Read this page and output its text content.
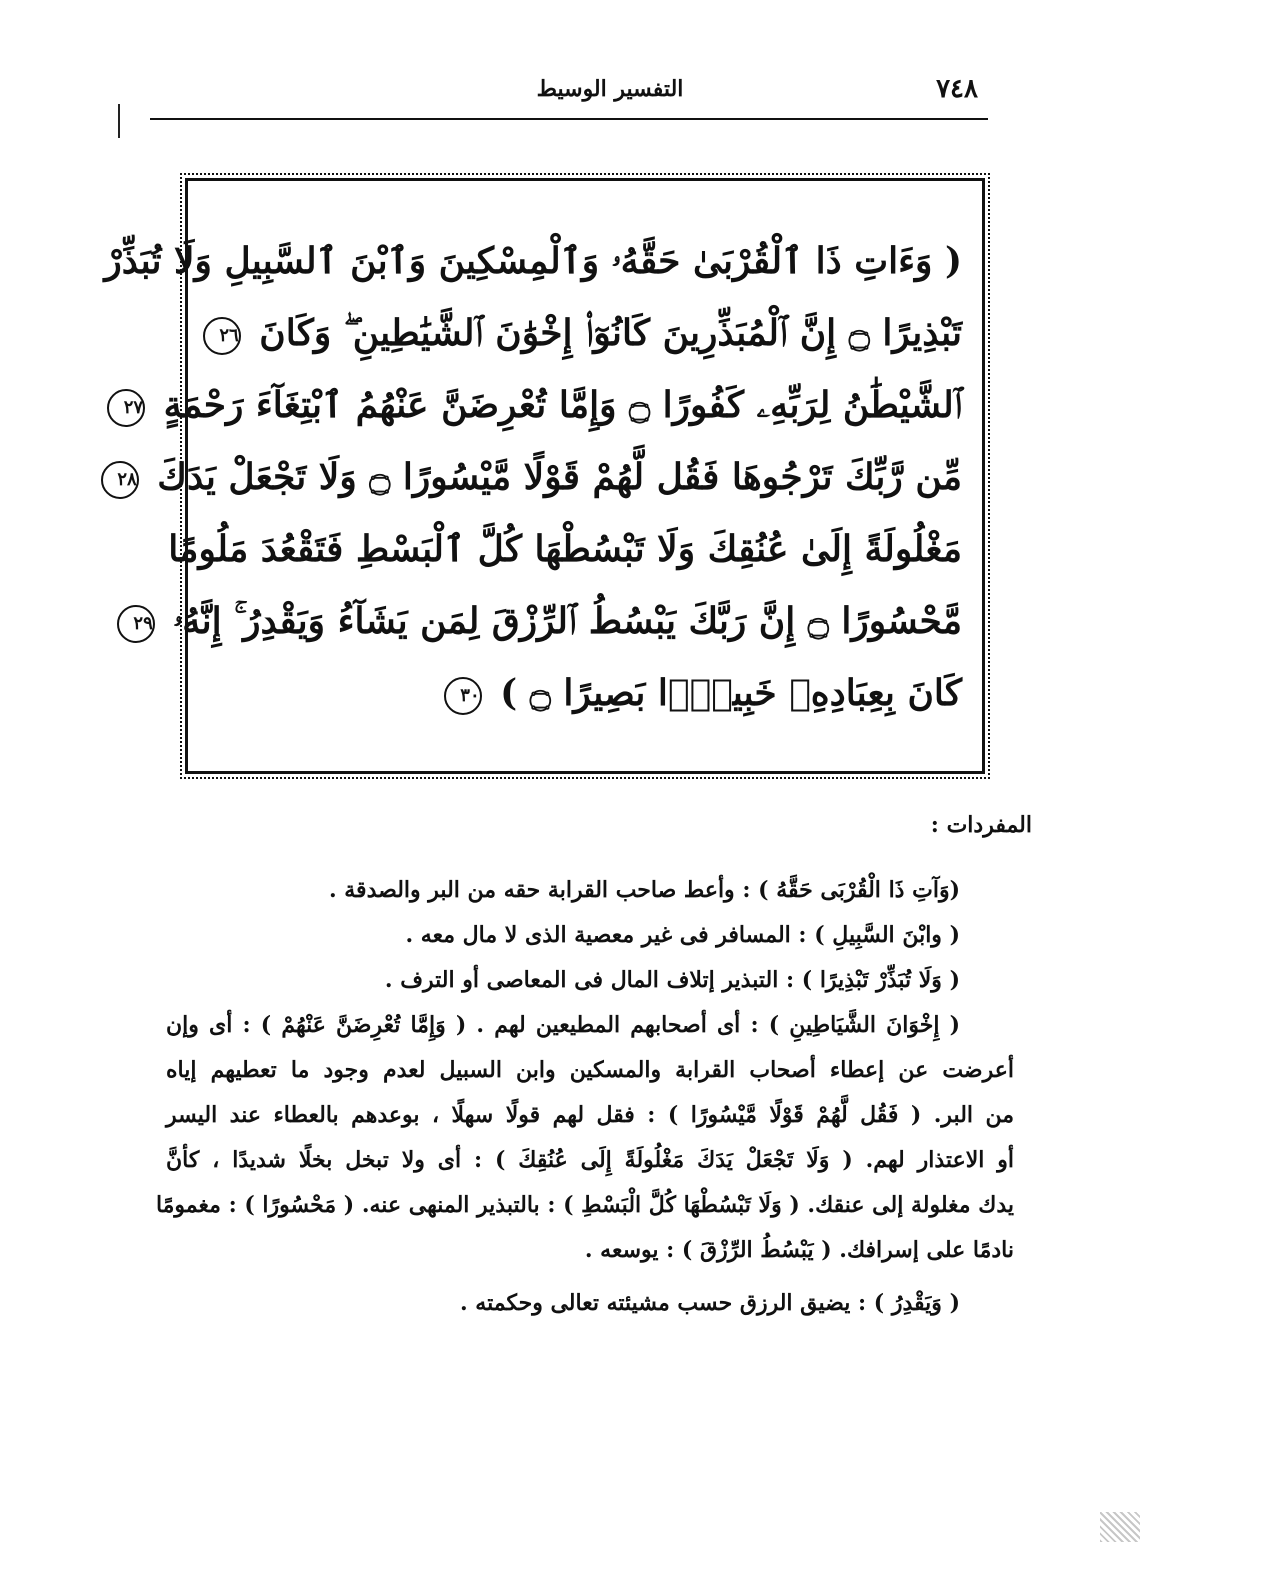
٧٤٨
التفسير الوسيط
( وَءَاتِ ذَا ٱلْقُرْبَىٰ حَقَّهُۥ وَٱلْمِسْكِينَ وَٱبْنَ ٱلسَّبِيلِ وَلَا تُبَذِّرْ
تَبْذِيرًا ۝ إِنَّ ٱلْمُبَذِّرِينَ كَانُوٓا۟ إِخْوَٰنَ ٱلشَّيَٰطِينِ ۖ وَكَانَ ٢٦
ٱلشَّيْطَٰنُ لِرَبِّهِۦ كَفُورًا ۝ وَإِمَّا تُعْرِضَنَّ عَنْهُمُ ٱبْتِغَآءَ رَحْمَةٍ ٢٧
مِّن رَّبِّكَ تَرْجُوهَا فَقُل لَّهُمْ قَوْلًا مَّيْسُورًا ۝ وَلَا تَجْعَلْ يَدَكَ ٢٨
مَغْلُولَةً إِلَىٰ عُنُقِكَ وَلَا تَبْسُطْهَا كُلَّ ٱلْبَسْطِ فَتَقْعُدَ مَلُومًا
مَّحْسُورًا ۝ إِنَّ رَبَّكَ يَبْسُطُ ٱلرِّزْقَ لِمَن يَشَآءُ وَيَقْدِرُ ۚ إِنَّهُۥ ٢٩
كَانَ بِعِبَادِهِۦ خَبِيرًۢا بَصِيرًا ۝ ) ٣٠
المفردات :
(وَآتِ ذَا الْقُرْبَى حَقَّهُ ) : وأعط صاحب القرابة حقه من البر والصدقة .
( وابْنَ السَّبِيلِ ) : المسافر فى غير معصية الذى لا مال معه .
( وَلَا تُبَذِّرْ تَبْذِيرًا ) : التبذير إتلاف المال فى المعاصى أو الترف .
( إِخْوَانَ الشَّيَاطِينِ ) : أى أصحابهم المطيعين لهم . ( وَإِمَّا تُعْرِضَنَّ عَنْهُمْ ) : أى وإن
أعرضت عن إعطاء أصحاب القرابة والمسكين وابن السبيل لعدم وجود ما تعطيهم إياه
من البر. ( فَقُل لَّهُمْ قَوْلًا مَّيْسُورًا ) : فقل لهم قولًا سهلًا ، بوعدهم بالعطاء عند اليسر
أو الاعتذار لهم. ( وَلَا تَجْعَلْ يَدَكَ مَغْلُولَةً إِلَى عُنُقِكَ ) : أى ولا تبخل بخلًا شديدًا ، كأنَّ
يدك مغلولة إلى عنقك. ( وَلَا تَبْسُطْهَا كُلَّ الْبَسْطِ ) : بالتبذير المنهى عنه. ( مَحْسُورًا ) : مغمومًا
نادمًا على إسرافك. ( يَبْسُطُ الرِّزْقَ ) : يوسعه .
( وَيَقْدِرُ ) : يضيق الرزق حسب مشيئته تعالى وحكمته .
